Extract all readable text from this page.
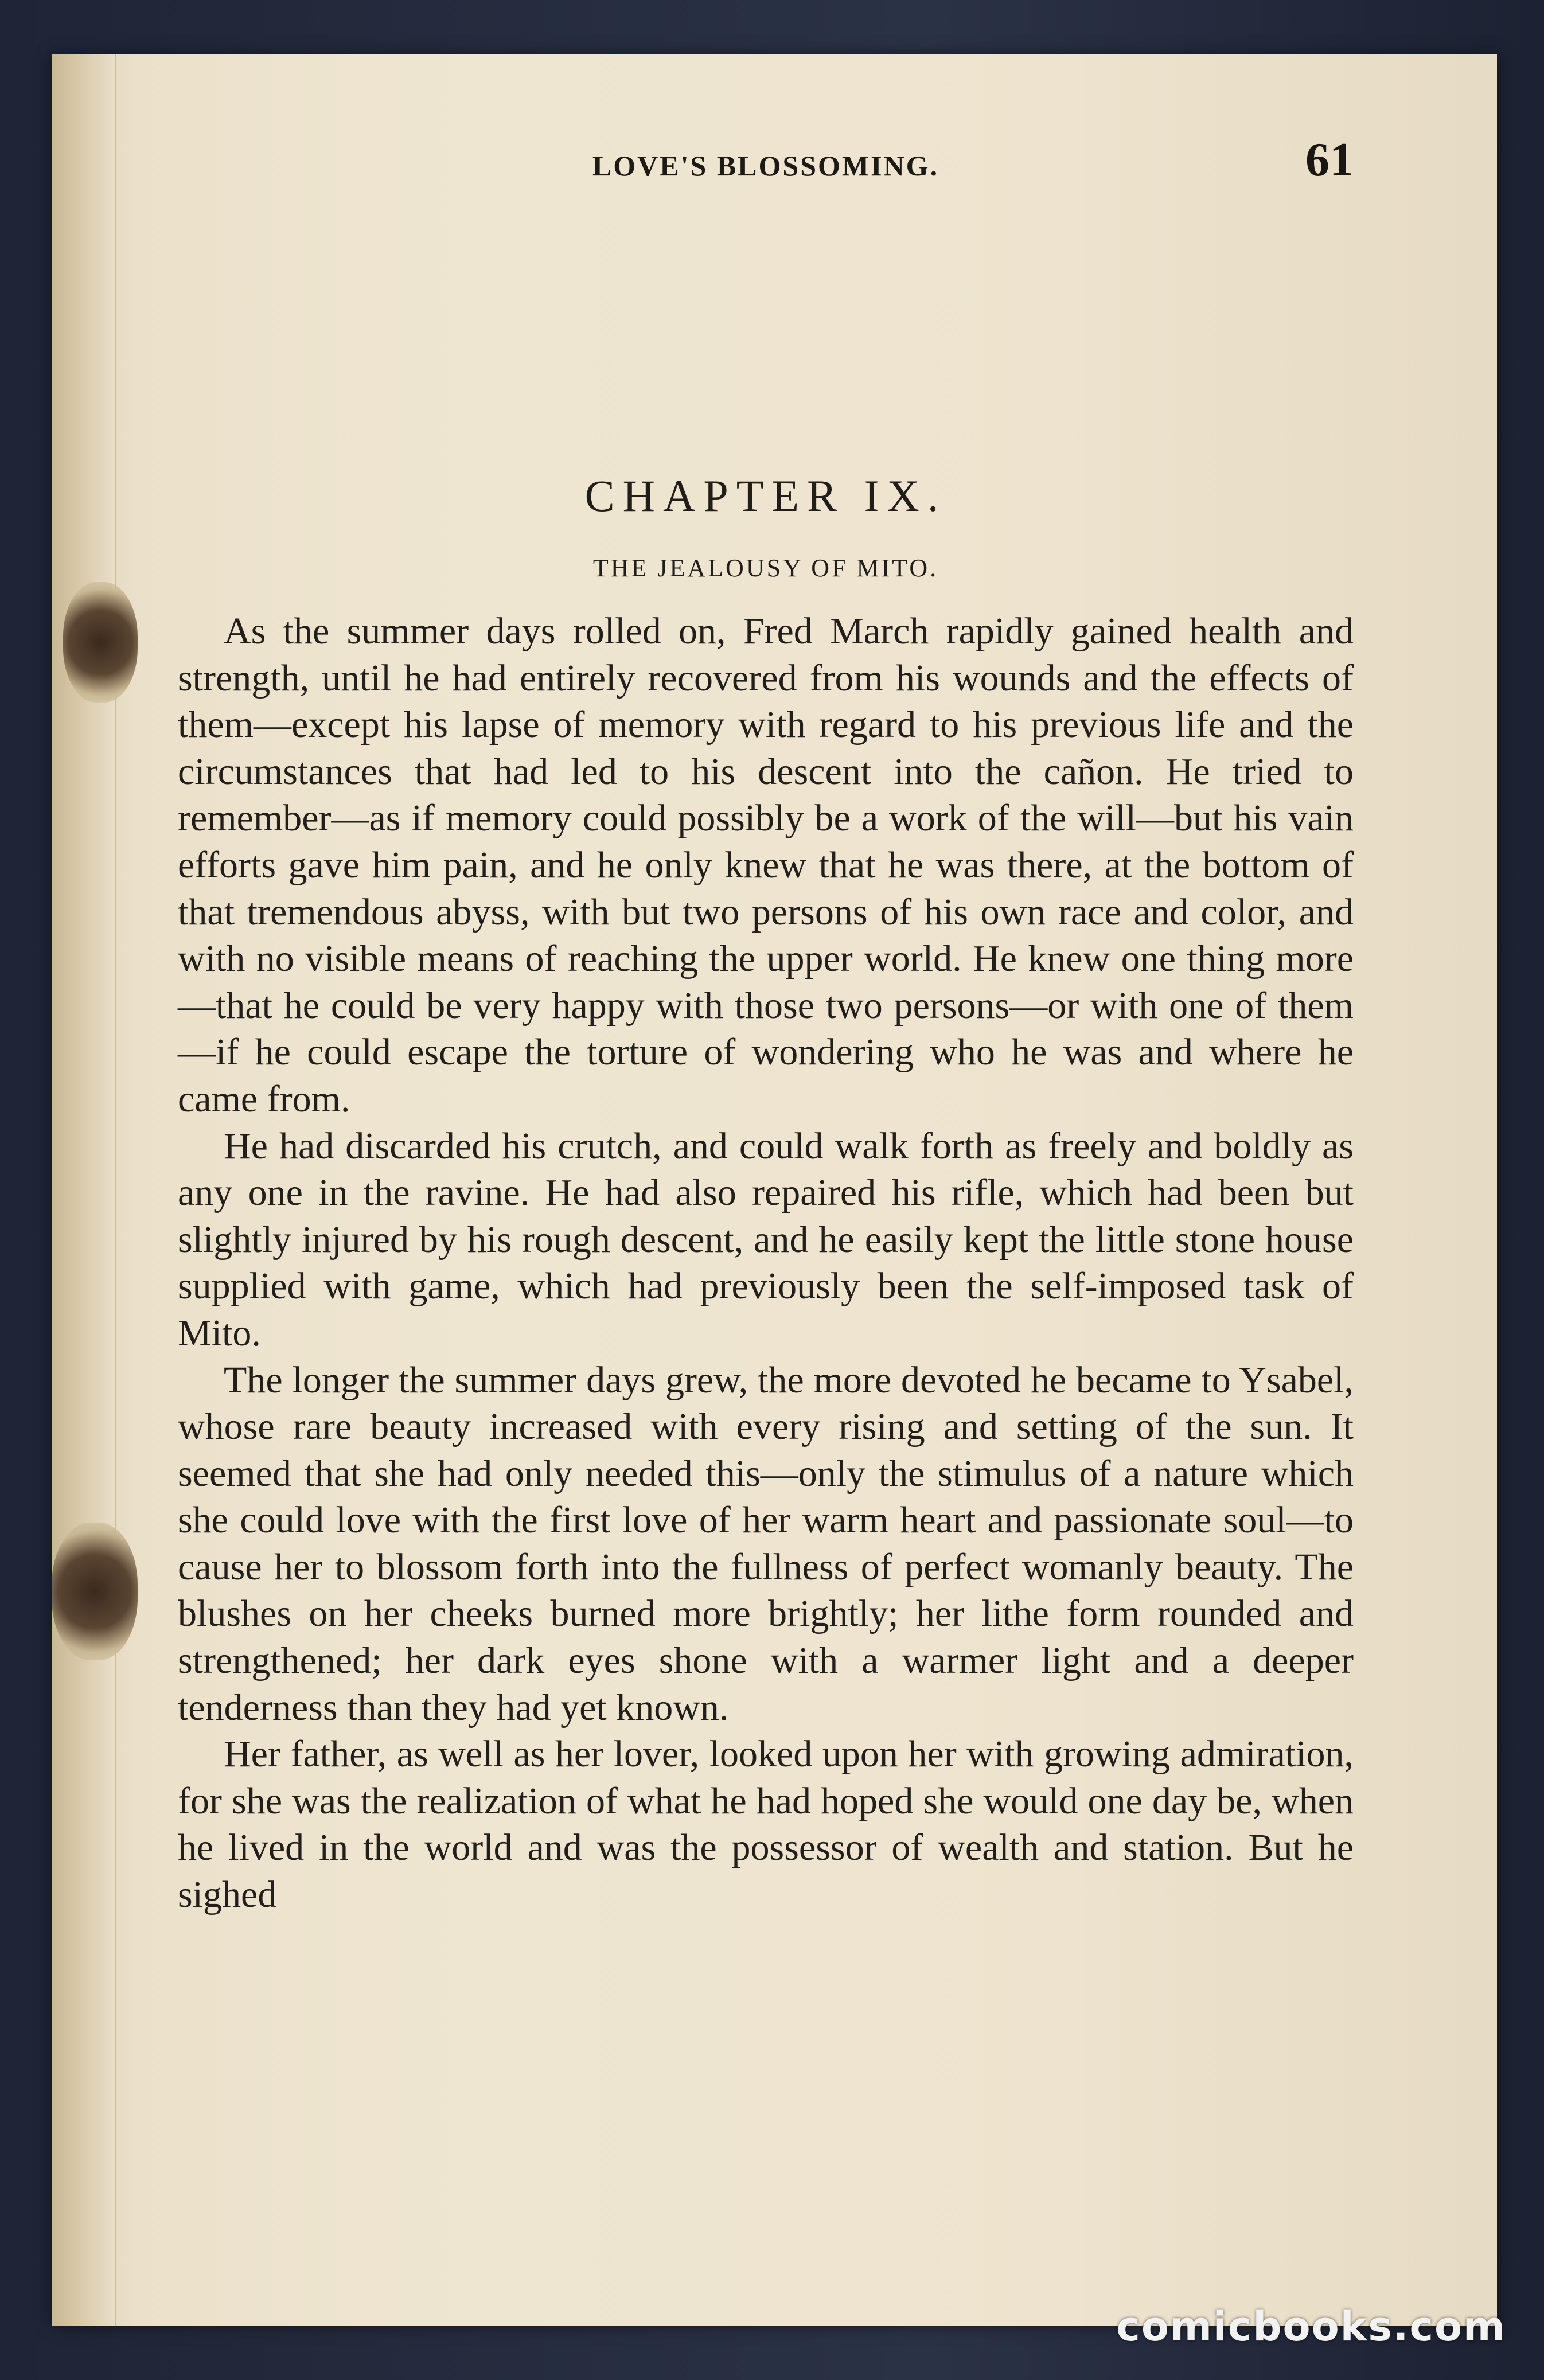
LOVE'S BLOSSOMING.	61
CHAPTER IX.
THE JEALOUSY OF MITO.

As the summer days rolled on, Fred March rapidly gained health and strength, until he had entirely recovered from his wounds and the effects of them—except his lapse of memory with regard to his previous life and the circumstances that had led to his descent into the cañon. He tried to remember—as if memory could possibly be a work of the will—but his vain efforts gave him pain, and he only knew that he was there, at the bottom of that tremendous abyss, with but two persons of his own race and color, and with no visible means of reaching the upper world. He knew one thing more—that he could be very happy with those two persons—or with one of them—if he could escape the torture of wondering who he was and where he came from.

He had discarded his crutch, and could walk forth as freely and boldly as any one in the ravine. He had also repaired his rifle, which had been but slightly injured by his rough descent, and he easily kept the little stone house supplied with game, which had previously been the self-imposed task of Mito.

The longer the summer days grew, the more devoted he became to Ysabel, whose rare beauty increased with every rising and setting of the sun. It seemed that she had only needed this—only the stimulus of a nature which she could love with the first love of her warm heart and passionate soul—to cause her to blossom forth into the fullness of perfect womanly beauty. The blushes on her cheeks burned more brightly; her lithe form rounded and strengthened; her dark eyes shone with a warmer light and a deeper tenderness than they had yet known.

Her father, as well as her lover, looked upon her with growing admiration, for she was the realization of what he had hoped she would one day be, when he lived in the world and was the possessor of wealth and station. But he sighed

comicbooks.com
